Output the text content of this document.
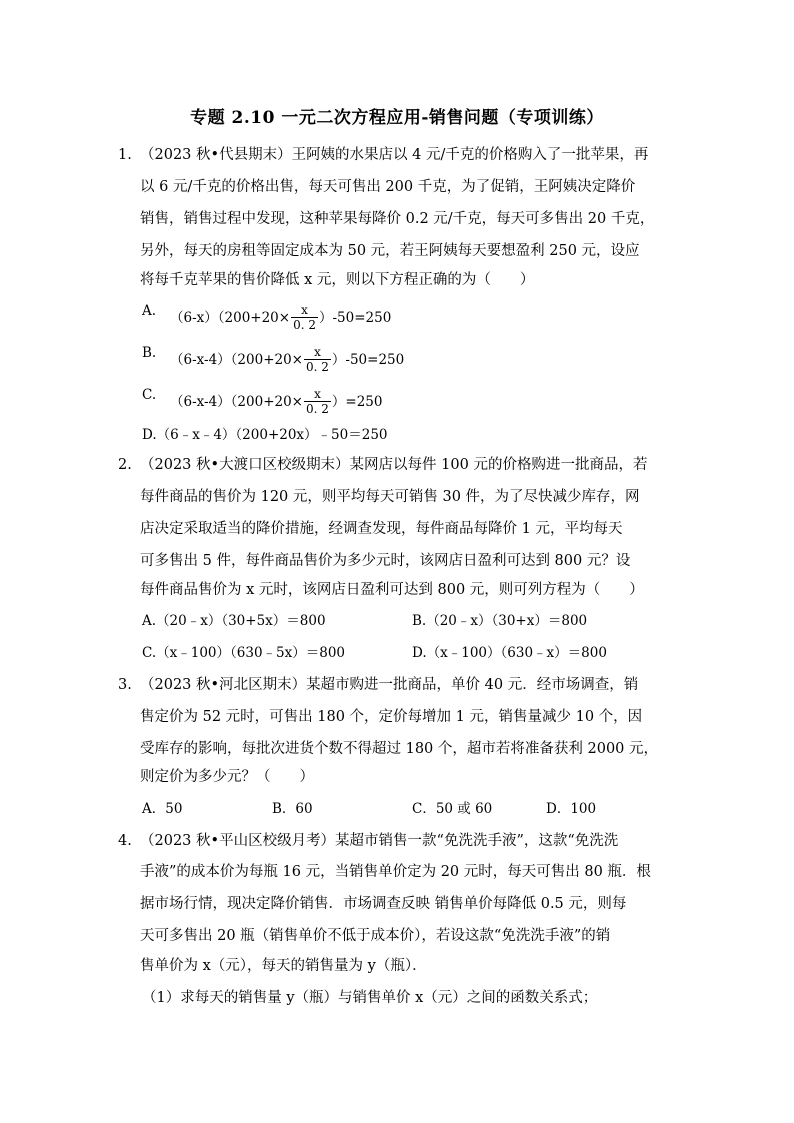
专题 2.10 一元二次方程应用-销售问题（专项训练）
1. （2023 秋•代县期末）王阿姨的水果店以 4 元/千克的价格购入了一批苹果，再
以 6 元/千克的价格出售，每天可售出 200 千克，为了促销，王阿姨决定降价
销售，销售过程中发现，这种苹果每降价 0.2 元/千克，每天可多售出 20 千克，
另外，每天的房租等固定成本为 50 元，若王阿姨每天要想盈利 250 元，设应
将每千克苹果的售价降低 x 元，则以下方程正确的为（　　）
A. $(6-x)(200+20\times \frac{x}{0. 2} )-50=250$
B. $(6-x-4)(200+20\times \frac{x}{0. 2} )-50=250$
C. $(6-x-4)(200+20\times \frac{x}{0. 2} )=250$
D.（6﹣x﹣4）（200+20x）﹣50＝250
2. （2023 秋•大渡口区校级期末）某网店以每件 100 元的价格购进一批商品，若
每件商品的售价为 120 元，则平均每天可销售 30 件，为了尽快减少库存，网
店决定采取适当的降价措施，经调查发现，每件商品每降价 1 元，平均每天
可多售出 5 件，每件商品售价为多少元时，该网店日盈利可达到 800 元？设
每件商品售价为 x 元时，该网店日盈利可达到 800 元，则可列方程为（　　）
A.（20﹣x）（30+5x）＝800	B.（20﹣x）（30+x）＝800
C.（x﹣100）（630﹣5x）＝800	D.（x﹣100）（630﹣x）＝800
3. （2023 秋•河北区期末）某超市购进一批商品，单价 40 元．经市场调查，销
售定价为 52 元时，可售出 180 个，定价每增加 1 元，销售量减少 10 个，因
受库存的影响，每批次进货个数不得超过 180 个，超市若将准备获利 2000 元，
则定价为多少元？（　　）
A．50	B．60	C．50 或 60	D．100
4. （2023 秋•平山区校级月考）某超市销售一款“免洗洗手液”，这款“免洗洗
手液”的成本价为每瓶 16 元，当销售单价定为 20 元时，每天可售出 80 瓶．根
据市场行情，现决定降价销售．市场调查反映 销售单价每降低 0.5 元，则每
天可多售出 20 瓶（销售单价不低于成本价），若设这款“免洗洗手液”的销
售单价为 x（元），每天的销售量为 y（瓶）．
（1）求每天的销售量 y（瓶）与销售单价 x（元）之间的函数关系式；
